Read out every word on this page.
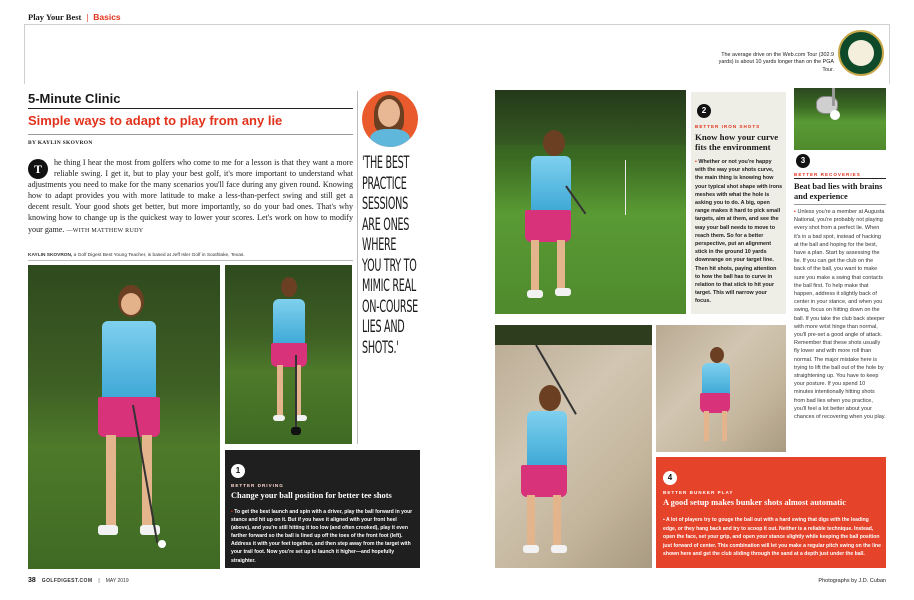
Play Your Best | Basics
The average drive on the Web.com Tour (302.9 yards) is about 10 yards longer than on the PGA Tour.
5-Minute Clinic
Simple ways to adapt to play from any lie
BY KAYLIN SKOVRON
T	he thing I hear the most from golfers who come to me for a lesson is that they want a more reliable swing. I get it, but to play your best golf, it's more important to understand what adjustments you need to make for the many scenarios you'll face during any given round. Knowing how to adapt provides you with more latitude to make a less-than-perfect swing and still get a decent result. Your good shots get better, but more importantly, so do your bad ones. That's why knowing how to change up is the quickest way to lower your scores. Let's work on how to modify your game. —WITH MATTHEW RUDY
KAYLIN SKOVRON, a Golf Digest Best Young Teacher, is based at Jeff Isler Golf in Southlake, Texas.
'THE BEST PRACTICE SESSIONS ARE ONES WHERE YOU TRY TO MIMIC REAL ON-COURSE LIES AND SHOTS.'
1
BETTER DRIVING
Change your ball position for better tee shots
▪ To get the best launch and spin with a driver, play the ball forward in your stance and hit up on it. But if you have it aligned with your front heel (above), and you're still hitting it too low (and often crooked), play it even farther forward so the ball is lined up off the toes of the front foot (left). Address it with your feet together, and then step away from the target with your trail foot. Now you're set up to launch it higher—and hopefully straighter.
2
BETTER IRON SHOTS
Know how your curve fits the environment
▪ Whether or not you're happy with the way your shots curve, the main thing is knowing how your typical shot shape with irons meshes with what the hole is asking you to do. A big, open range makes it hard to pick small targets, aim at them, and see the way your ball needs to move to reach them. So for a better perspective, put an alignment stick in the ground 10 yards downrange on your target line. Then hit shots, paying attention to how the ball has to curve in relation to that stick to hit your target. This will narrow your focus.
3
BETTER RECOVERIES
Beat bad lies with brains and experience
▪ Unless you're a member at Augusta National, you're probably not playing every shot from a perfect lie. When it's in a bad spot, instead of hacking at the ball and hoping for the best, have a plan. Start by assessing the lie. If you can get the club on the back of the ball, you want to make sure you make a swing that contacts the ball first. To help make that happen, address it slightly back of center in your stance, and when you swing, focus on hitting down on the ball. If you take the club back steeper with more wrist hinge than normal, you'll pre-set a good angle of attack. Remember that these shots usually fly lower and with more roll than normal. The major mistake here is trying to lift the ball out of the hole by straightening up. You have to keep your posture. If you spend 10 minutes intentionally hitting shots from bad lies when you practice, you'll feel a lot better about your chances of recovering when you play.
4
BETTER BUNKER PLAY
A good setup makes bunker shots almost automatic
▪ A lot of players try to gouge the ball out with a hard swing that digs with the leading edge, or they hang back and try to scoop it out. Neither is a reliable technique. Instead, open the face, set your grip, and open your stance slightly while keeping the ball position just forward of center. This combination will let you make a regular pitch swing on the line shown here and get the club sliding through the sand at a depth just under the ball.
38 GOLFDIGEST.COM | MAY 2019	Photographs by J.D. Cuban
